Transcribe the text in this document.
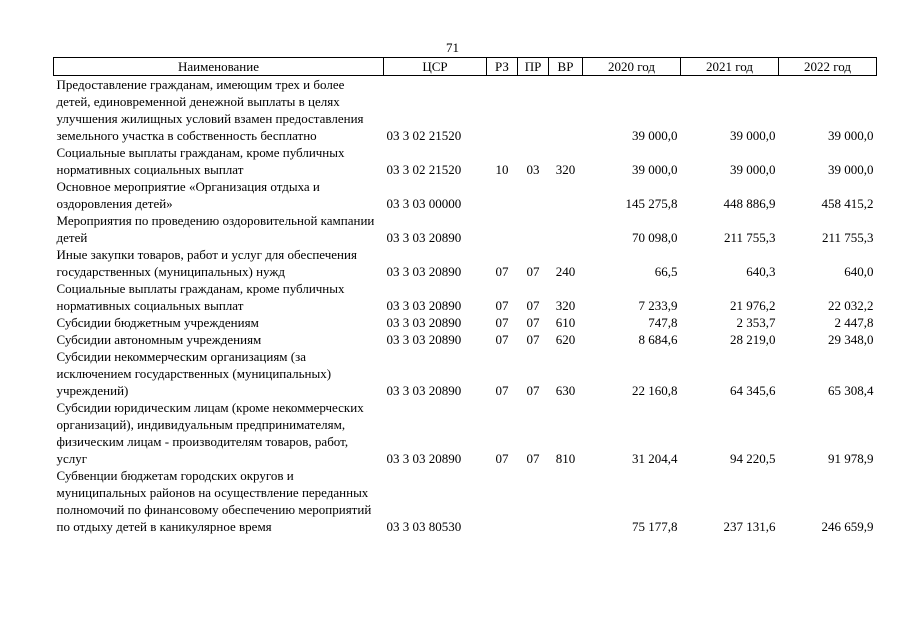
71
Наименование	ЦСР	РЗ	ПР	ВР	2020 год	2021 год	2022 год
Предоставление гражданам, имеющим трех и более детей, единовременной денежной выплаты в целях улучшения жилищных условий взамен предоставления земельного участка в собственность бесплатно	03 3 02 21520				39 000,0	39 000,0	39 000,0
Социальные выплаты гражданам, кроме публичных нормативных социальных выплат	03 3 02 21520	10	03	320	39 000,0	39 000,0	39 000,0
Основное мероприятие «Организация отдыха и оздоровления детей»	03 3 03 00000				145 275,8	448 886,9	458 415,2
Мероприятия по проведению оздоровительной кампании детей	03 3 03 20890				70 098,0	211 755,3	211 755,3
Иные закупки товаров, работ и услуг для обеспечения государственных (муниципальных) нужд	03 3 03 20890	07	07	240	66,5	640,3	640,0
Социальные выплаты гражданам, кроме публичных нормативных социальных выплат	03 3 03 20890	07	07	320	7 233,9	21 976,2	22 032,2
Субсидии бюджетным учреждениям	03 3 03 20890	07	07	610	747,8	2 353,7	2 447,8
Субсидии автономным учреждениям	03 3 03 20890	07	07	620	8 684,6	28 219,0	29 348,0
Субсидии некоммерческим организациям (за исключением государственных (муниципальных) учреждений)	03 3 03 20890	07	07	630	22 160,8	64 345,6	65 308,4
Субсидии юридическим лицам (кроме некоммерческих организаций), индивидуальным предпринимателям, физическим лицам - производителям товаров, работ, услуг	03 3 03 20890	07	07	810	31 204,4	94 220,5	91 978,9
Субвенции бюджетам городских округов и муниципальных районов на осуществление переданных полномочий по финансовому обеспечению мероприятий по отдыху детей в каникулярное время	03 3 03 80530				75 177,8	237 131,6	246 659,9
